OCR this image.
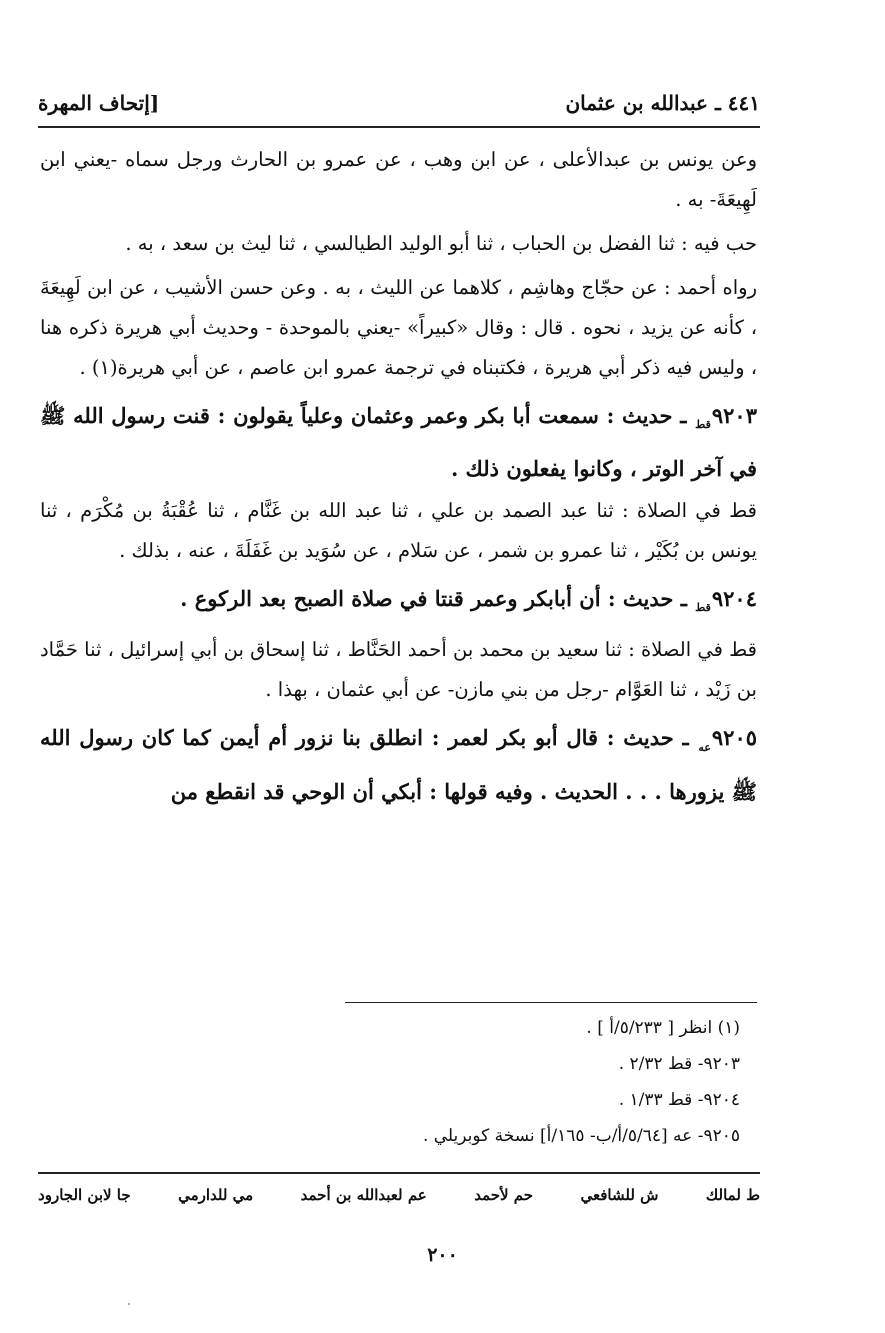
٤٤١ ـ عبدالله بن عثمان
[إتحاف المهرة

وعن يونس بن عبدالأعلى ، عن ابن وهب ، عن عمرو بن الحارث ورجل سماه -يعني ابن لَهِيعَةَ- به .

حب فيه : ثنا الفضل بن الحباب ، ثنا أبو الوليد الطيالسي ، ثنا ليث بن سعد ، به .

رواه أحمد : عن حجّاج وهاشِم ، كلاهما عن الليث ، به . وعن حسن الأشيب ، عن ابن لَهِيعَةَ ، كأنه عن يزيد ، نحوه . قال : وقال «كبيراً» -يعني بالموحدة - وحديث أبي هريرة ذكره هنا ، وليس فيه ذكر أبي هريرة ، فكتبناه في ترجمة عمرو ابن عاصم ، عن أبي هريرة(١) .

$٩٢٠٣_{قط}$ ـ حديث : سمعت أبا بكر وعمر وعثمان وعلياً يقولون : قنت رسول الله ﷺ في آخر الوتر ، وكانوا يفعلون ذلك .

قط في الصلاة : ثنا عبد الصمد بن علي ، ثنا عبد الله بن غَنَّام ، ثنا عُقْبَةُ بن مُكْرَم ، ثنا يونس بن بُكَيْر ، ثنا عمرو بن شمر ، عن سَلام ، عن سُوَيد بن غَفَلَةَ ، عنه ، بذلك .

$٩٢٠٤_{قط}$ ـ حديث : أن أبابكر وعمر قنتا في صلاة الصبح بعد الركوع .

قط في الصلاة : ثنا سعيد بن محمد بن أحمد الحَنَّاط ، ثنا إسحاق بن أبي إسرائيل ، ثنا حَمَّاد بن زَيْد ، ثنا العَوَّام -رجل من بني مازن- عن أبي عثمان ، بهذا .

$٩٢٠٥_{عه}$ ـ حديث : قال أبو بكر لعمر : انطلق بنا نزور أم أيمن كما كان رسول الله ﷺ يزورها . . . الحديث . وفيه قولها : أبكي أن الوحي قد انقطع من

(١) انظر [ ٥/٢٣٣/أ ] .

٩٢٠٣- قط ٢/٣٢ .

٩٢٠٤- قط ١/٣٣ .

٩٢٠٥- عه [٥/٦٤/أ/ب- ١٦٥/أ] نسخة كوبريلي .

ط لمالك
ش للشافعي
حم لأحمد
عم لعبدالله بن أحمد
مي للدارمي
جا لابن الجارود
٢٠٠
